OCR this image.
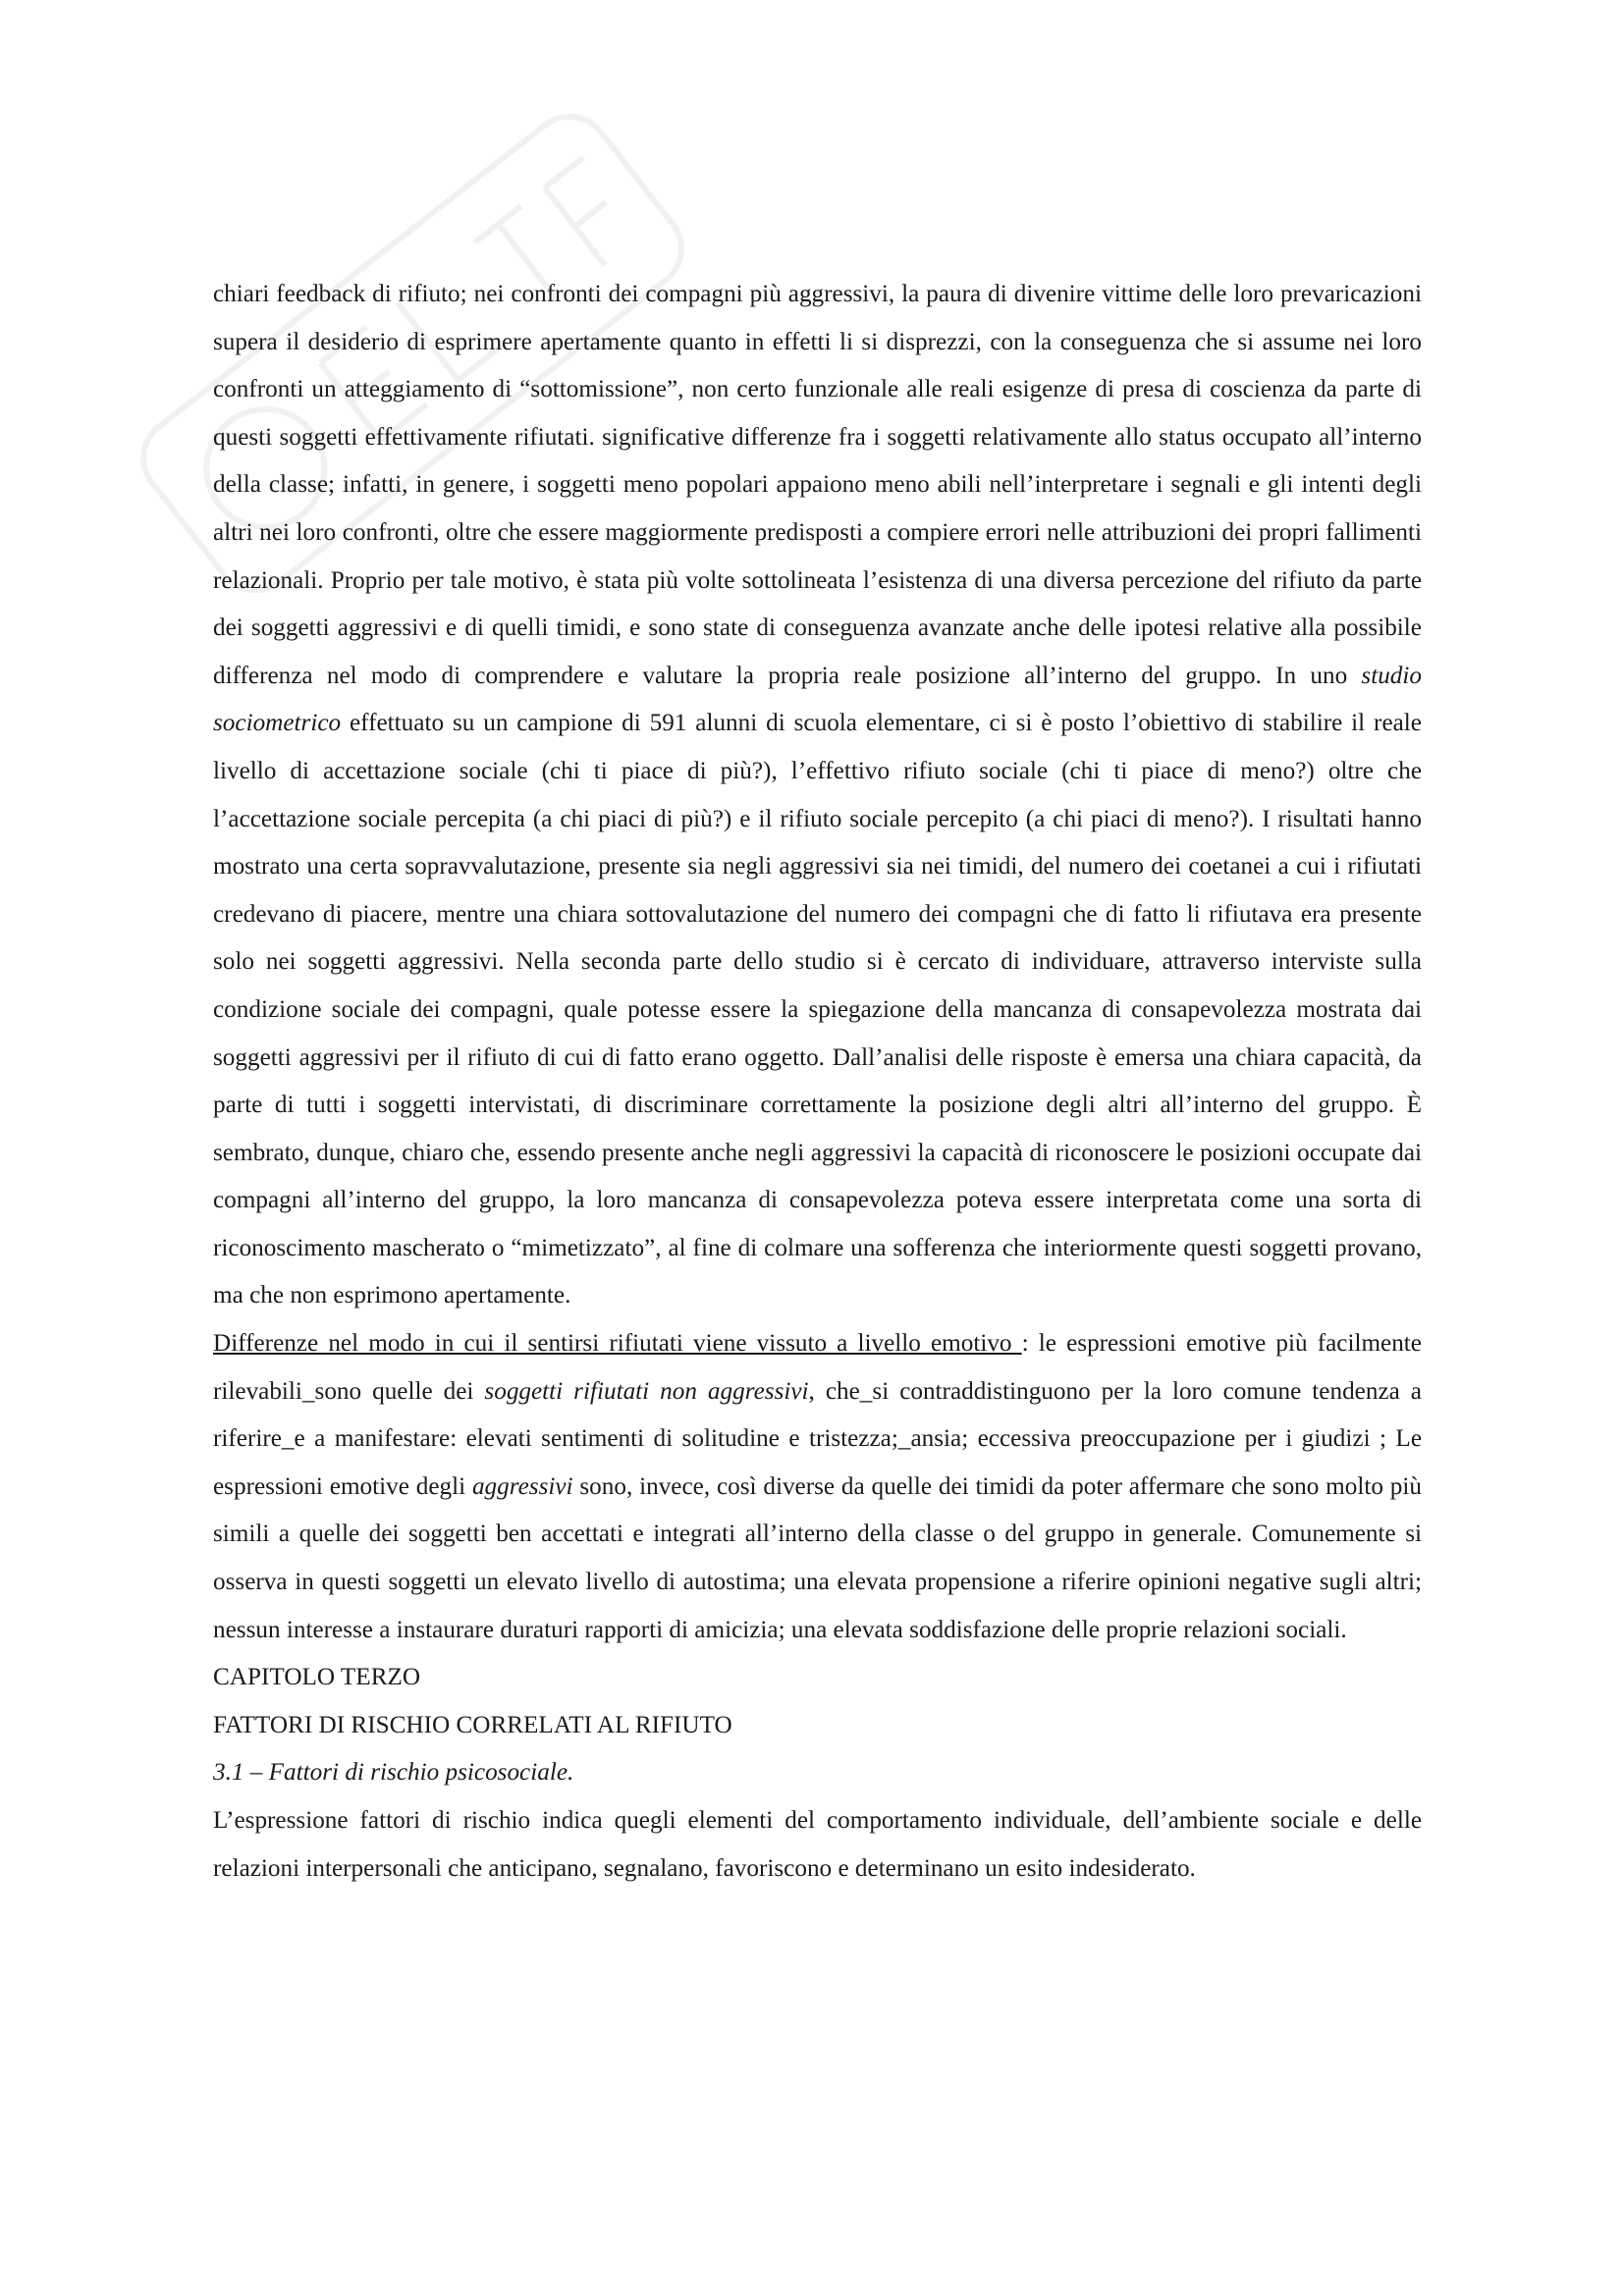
chiari feedback di rifiuto; nei confronti dei compagni più aggressivi, la paura di divenire vittime delle loro prevaricazioni supera il desiderio di esprimere apertamente quanto in effetti li si disprezzi, con la conseguenza che si assume nei loro confronti un atteggiamento di “sottomissione”, non certo funzionale alle reali esigenze di presa di coscienza da parte di questi soggetti effettivamente rifiutati. significative differenze fra i soggetti relativamente allo status occupato all’interno della classe; infatti, in genere, i soggetti meno popolari appaiono meno abili nell’interpretare i segnali e gli intenti degli altri nei loro confronti, oltre che essere maggiormente predisposti a compiere errori nelle attribuzioni dei propri fallimenti relazionali. Proprio per tale motivo, è stata più volte sottolineata l’esistenza di una diversa percezione del rifiuto da parte dei soggetti aggressivi e di quelli timidi, e sono state di conseguenza avanzate anche delle ipotesi relative alla possibile differenza nel modo di comprendere e valutare la propria reale posizione all’interno del gruppo. In uno studio sociometrico effettuato su un campione di 591 alunni di scuola elementare, ci si è posto l’obiettivo di stabilire il reale livello di accettazione sociale (chi ti piace di più?), l’effettivo rifiuto sociale (chi ti piace di meno?) oltre che l’accettazione sociale percepita (a chi piaci di più?) e il rifiuto sociale percepito (a chi piaci di meno?). I risultati hanno mostrato una certa sopravvalutazione, presente sia negli aggressivi sia nei timidi, del numero dei coetanei a cui i rifiutati credevano di piacere, mentre una chiara sottovalutazione del numero dei compagni che di fatto li rifiutava era presente solo nei soggetti aggressivi. Nella seconda parte dello studio si è cercato di individuare, attraverso interviste sulla condizione sociale dei compagni, quale potesse essere la spiegazione della mancanza di consapevolezza mostrata dai soggetti aggressivi per il rifiuto di cui di fatto erano oggetto. Dall’analisi delle risposte è emersa una chiara capacità, da parte di tutti i soggetti intervistati, di discriminare correttamente la posizione degli altri all’interno del gruppo. È sembrato, dunque, chiaro che, essendo presente anche negli aggressivi la capacità di riconoscere le posizioni occupate dai compagni all’interno del gruppo, la loro mancanza di consapevolezza poteva essere interpretata come una sorta di riconoscimento mascherato o “mimetizzato”, al fine di colmare una sofferenza che interiormente questi soggetti provano, ma che non esprimono apertamente.

Differenze nel modo in cui il sentirsi rifiutati viene vissuto a livello emotivo : le espressioni emotive più facilmente rilevabili_sono quelle dei soggetti rifiutati non aggressivi, che_si contraddistinguono per la loro comune tendenza a riferire_e a manifestare: elevati sentimenti di solitudine e tristezza;_ansia; eccessiva preoccupazione per i giudizi ; Le espressioni emotive degli aggressivi sono, invece, così diverse da quelle dei timidi da poter affermare che sono molto più simili a quelle dei soggetti ben accettati e integrati all’interno della classe o del gruppo in generale. Comunemente si osserva in questi soggetti un elevato livello di autostima; una elevata propensione a riferire opinioni negative sugli altri; nessun interesse a instaurare duraturi rapporti di amicizia; una elevata soddisfazione delle proprie relazioni sociali.

CAPITOLO TERZO

FATTORI DI RISCHIO CORRELATI AL RIFIUTO

3.1 – Fattori di rischio psicosociale.

L’espressione fattori di rischio indica quegli elementi del comportamento individuale, dell’ambiente sociale e delle relazioni interpersonali che anticipano, segnalano, favoriscono e determinano un esito indesiderato.
